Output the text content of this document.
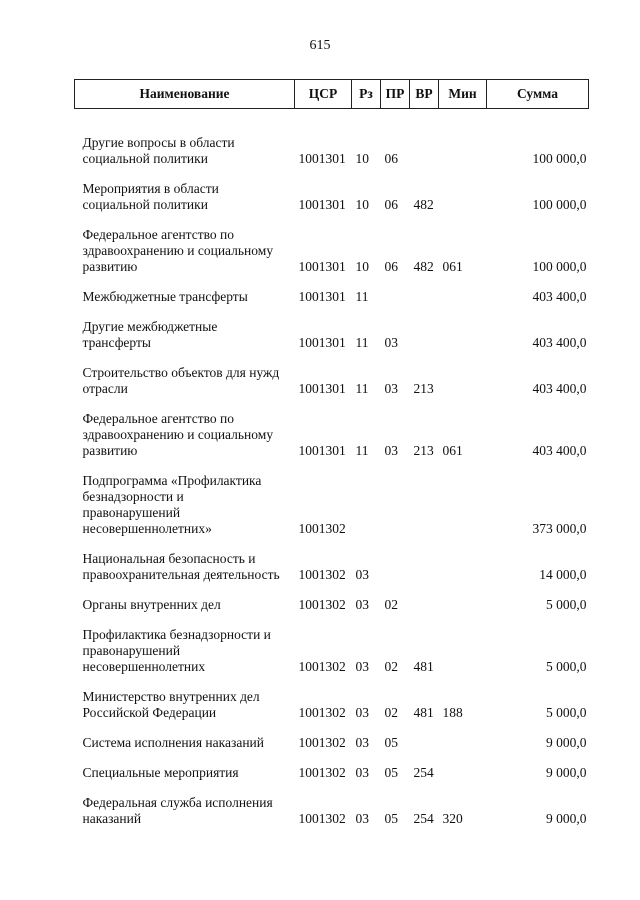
615
Наименование	ЦСР	Рз	ПР	ВР	Мин	Сумма

Другие вопросы в области социальной политики	1001301	10	06			100 000,0

Мероприятия в области социальной политики	1001301	10	06	482		100 000,0

Федеральное агентство по здравоохранению и социальному развитию	1001301	10	06	482	061	100 000,0

Межбюджетные трансферты	1001301	11				403 400,0

Другие межбюджетные трансферты	1001301	11	03			403 400,0

Строительство объектов для нужд отрасли	1001301	11	03	213		403 400,0

Федеральное агентство по здравоохранению и социальному развитию	1001301	11	03	213	061	403 400,0

Подпрограмма «Профилактика безнадзорности и правонарушений несовершеннолетних»	1001302					373 000,0

Национальная безопасность и правоохранительная деятельность	1001302	03				14 000,0

Органы внутренних дел	1001302	03	02			5 000,0

Профилактика безнадзорности и правонарушений несовершеннолетних	1001302	03	02	481		5 000,0

Министерство внутренних дел Российской Федерации	1001302	03	02	481	188	5 000,0

Система исполнения наказаний	1001302	03	05			9 000,0

Специальные мероприятия	1001302	03	05	254		9 000,0

Федеральная служба исполнения наказаний	1001302	03	05	254	320	9 000,0
